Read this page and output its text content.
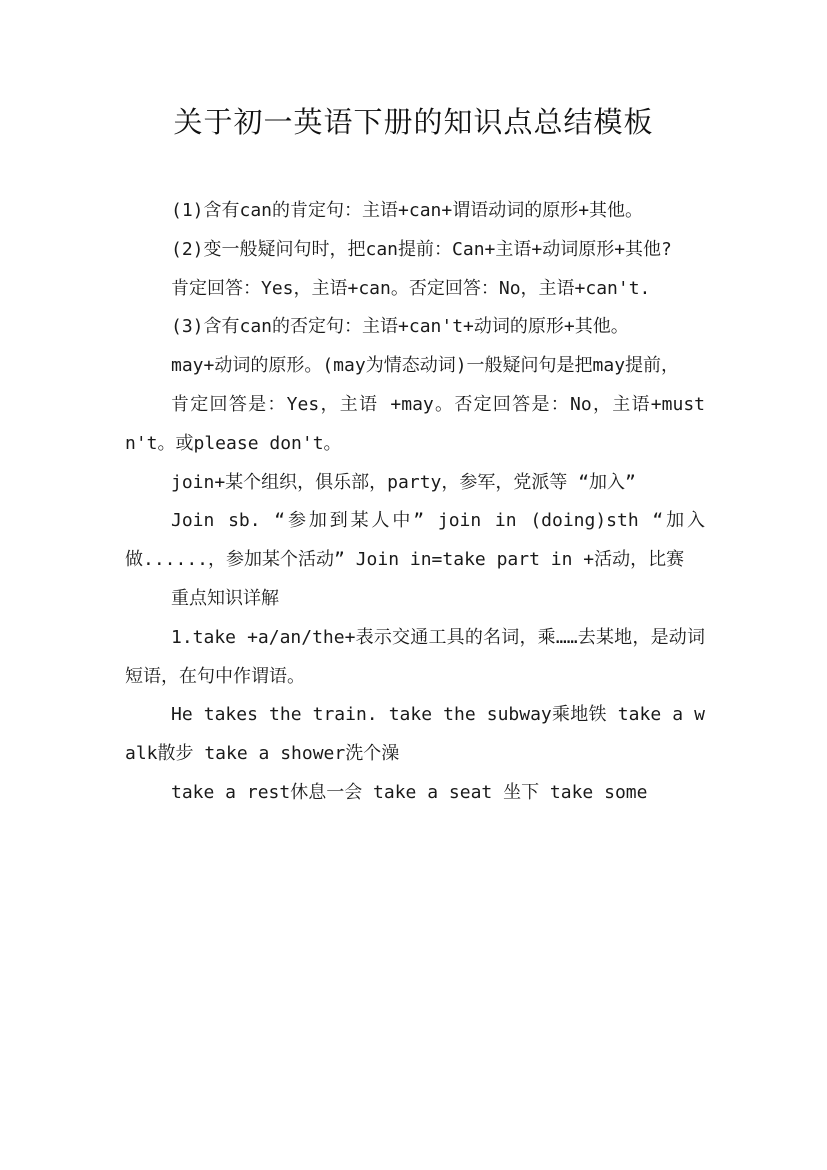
关于初一英语下册的知识点总结模板

(1)含有can的肯定句：主语+can+谓语动词的原形+其他。

(2)变一般疑问句时，把can提前：Can+主语+动词原形+其他?

肯定回答：Yes，主语+can。否定回答：No，主语+can't.

(3)含有can的否定句：主语+can't+动词的原形+其他。

may+动词的原形。(may为情态动词)一般疑问句是把may提前，

肯定回答是：Yes，主语 +may。否定回答是：No，主语+mustn't。或please don't。

join+某个组织，俱乐部，party，参军，党派等 “加入”

Join sb. “参加到某人中” join in (doing)sth “加入做......，参加某个活动” Join in=take part in +活动，比赛

重点知识详解

1.take +a/an/the+表示交通工具的名词，乘……去某地，是动词短语，在句中作谓语。

He takes the train. take the subway乘地铁 take a walk散步 take a shower洗个澡

take a rest休息一会 take a seat 坐下 take some
